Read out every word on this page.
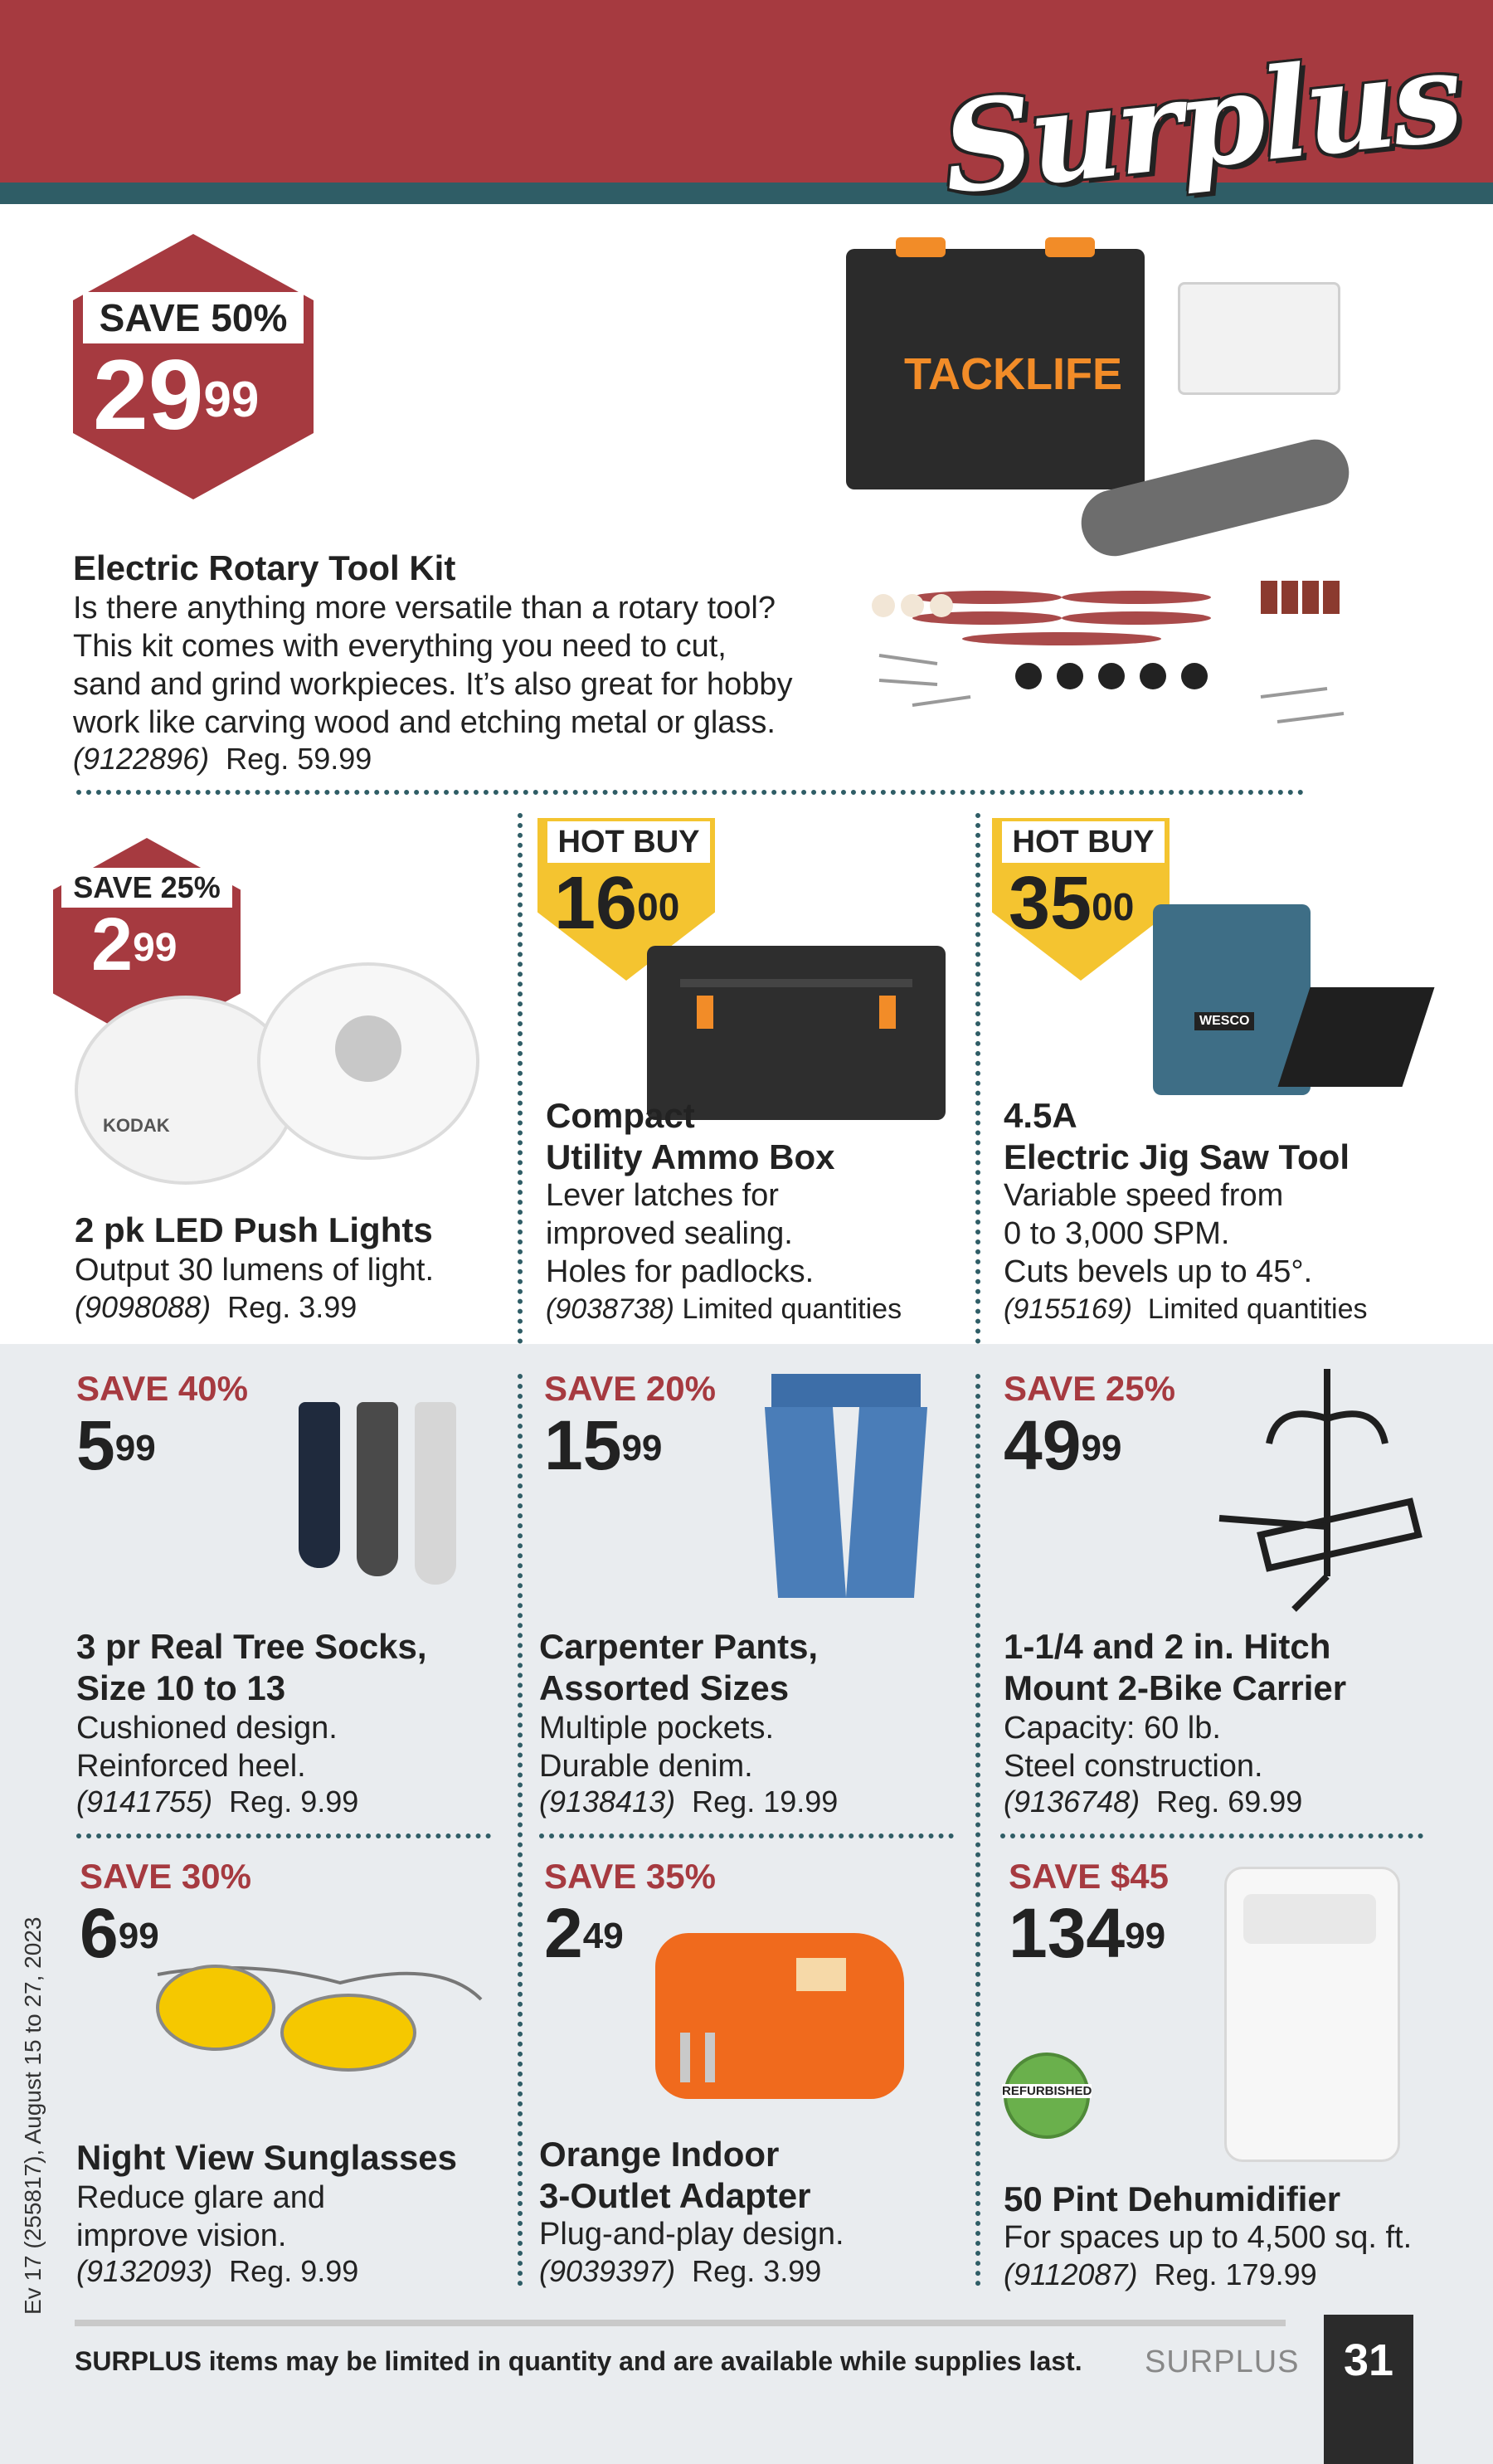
Surplus
SAVE 50%
$29^{99}$	TACKLIFE
Electric Rotary Tool Kit
Is there anything more versatile than a rotary tool?
This kit comes with everything you need to cut,
sand and grind workpieces. It’s also great for hobby
work like carving wood and etching metal or glass.
(9122896) Reg. 59.99
SAVE 25%
$2^{99}$
KODAK
2 pk LED Push Lights
Output 30 lumens of light.
(9098088) Reg. 3.99
HOT BUY
$16^{00}$
Compact
Utility Ammo Box
Lever latches for
improved sealing.
Holes for padlocks.
(9038738) Limited quantities
HOT BUY
$35^{00}$
WESCO
4.5A
Electric Jig Saw Tool
Variable speed from
0 to 3,000 SPM.
Cuts bevels up to 45°.
(9155169) Limited quantities
SAVE 40%
$5^{99}$
3 pr Real Tree Socks,
Size 10 to 13
Cushioned design.
Reinforced heel.
(9141755) Reg. 9.99
SAVE 20%
$15^{99}$
Carpenter Pants,
Assorted Sizes
Multiple pockets.
Durable denim.
(9138413) Reg. 19.99
SAVE 25%
$49^{99}$
1-1/4 and 2 in. Hitch
Mount 2-Bike Carrier
Capacity: 60 lb.
Steel construction.
(9136748) Reg. 69.99
SAVE 30%
$6^{99}$
Night View Sunglasses
Reduce glare and
improve vision.
(9132093) Reg. 9.99
SAVE 35%
$2^{49}$
Orange Indoor
3-Outlet Adapter
Plug-and-play design.
(9039397) Reg. 3.99
SAVE $45
$134^{99}$
REFURBISHED
50 Pint Dehumidifier
For spaces up to 4,500 sq. ft.
(9112087) Reg. 179.99
SURPLUS items may be limited in quantity and are available while supplies last. SURPLUS 31
Ev 17 (255817), August 15 to 27, 2023
